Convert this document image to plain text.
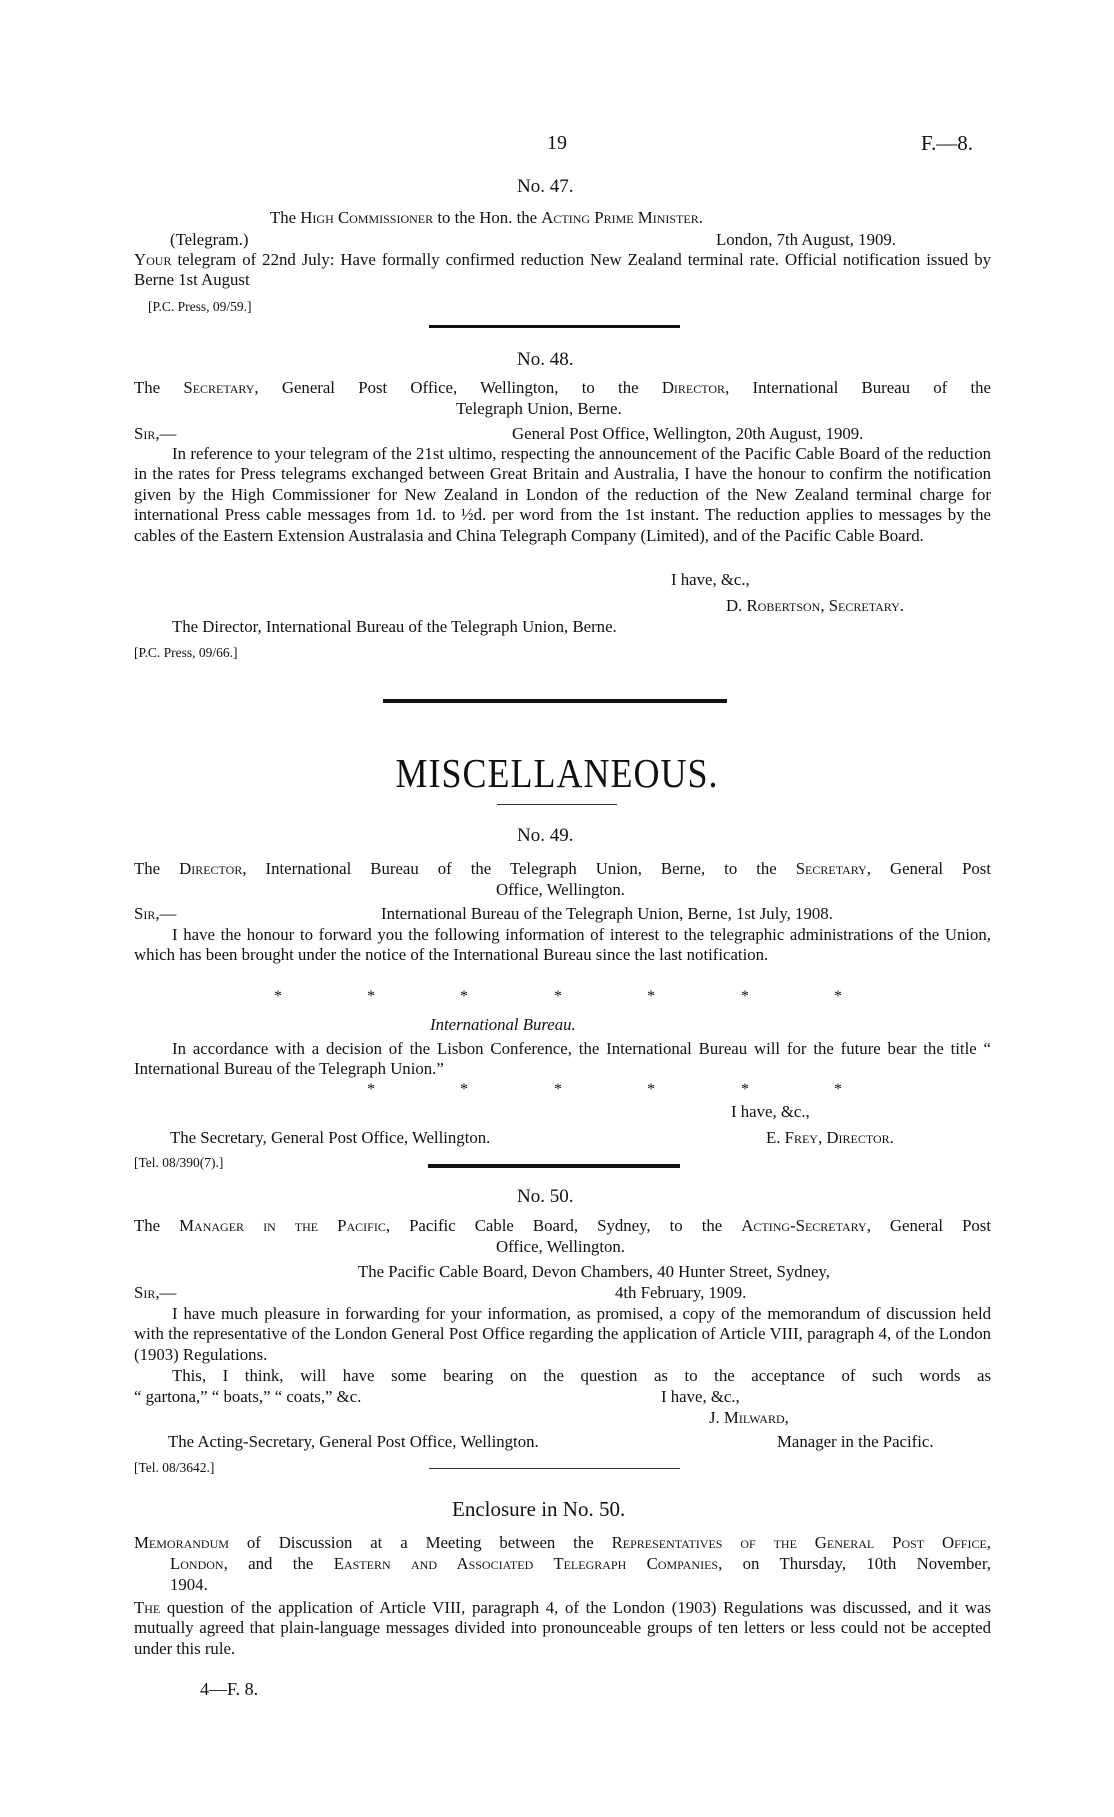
19	F.—8.
No. 47.
The High Commissioner to the Hon. the Acting Prime Minister.
(Telegram.)	London, 7th August, 1909.
Your telegram of 22nd July: Have formally confirmed reduction New Zealand terminal rate. Official notification issued by Berne 1st August
[P.C. Press, 09/59.]
No. 48.
The Secretary, General Post Office, Wellington, to the Director, International Bureau of the
Telegraph Union, Berne.
Sir,—	General Post Office, Wellington, 20th August, 1909.
In reference to your telegram of the 21st ultimo, respecting the announcement of the Pacific Cable Board of the reduction in the rates for Press telegrams exchanged between Great Britain and Australia, I have the honour to confirm the notification given by the High Commissioner for New Zealand in London of the reduction of the New Zealand terminal charge for international Press cable messages from 1d. to ½d. per word from the 1st instant. The reduction applies to messages by the cables of the Eastern Extension Australasia and China Telegraph Company (Limited), and of the Pacific Cable Board.
I have, &c.,
D. Robertson, Secretary.
The Director, International Bureau of the Telegraph Union, Berne.
[P.C. Press, 09/66.]
MISCELLANEOUS.
No. 49.
The Director, International Bureau of the Telegraph Union, Berne, to the Secretary, General Post
Office, Wellington.
Sir,—	International Bureau of the Telegraph Union, Berne, 1st July, 1908.
I have the honour to forward you the following information of interest to the telegraphic administrations of the Union, which has been brought under the notice of the International Bureau since the last notification.
*	*	*	*	*	*	*
International Bureau.
In accordance with a decision of the Lisbon Conference, the International Bureau will for the future bear the title “ International Bureau of the Telegraph Union.”
*	*	*	*	*	*
I have, &c.,
The Secretary, General Post Office, Wellington.	E. Frey, Director.
[Tel. 08/390(7).]
No. 50.
The Manager in the Pacific, Pacific Cable Board, Sydney, to the Acting-Secretary, General Post
Office, Wellington.
The Pacific Cable Board, Devon Chambers, 40 Hunter Street, Sydney,
Sir,—	4th February, 1909.
I have much pleasure in forwarding for your information, as promised, a copy of the memorandum of discussion held with the representative of the London General Post Office regarding the application of Article VIII, paragraph 4, of the London (1903) Regulations.
This, I think, will have some bearing on the question as to the acceptance of such words as
“ gartona,” “ boats,” “ coats,” &c.	I have, &c.,
J. Milward,
The Acting-Secretary, General Post Office, Wellington.	Manager in the Pacific.
[Tel. 08/3642.]
Enclosure in No. 50.
Memorandum of Discussion at a Meeting between the Representatives of the General Post Office,
London, and the Eastern and Associated Telegraph Companies, on Thursday, 10th November,
1904.
The question of the application of Article VIII, paragraph 4, of the London (1903) Regulations was discussed, and it was mutually agreed that plain-language messages divided into pronounceable groups of ten letters or less could not be accepted under this rule.
4—F. 8.
